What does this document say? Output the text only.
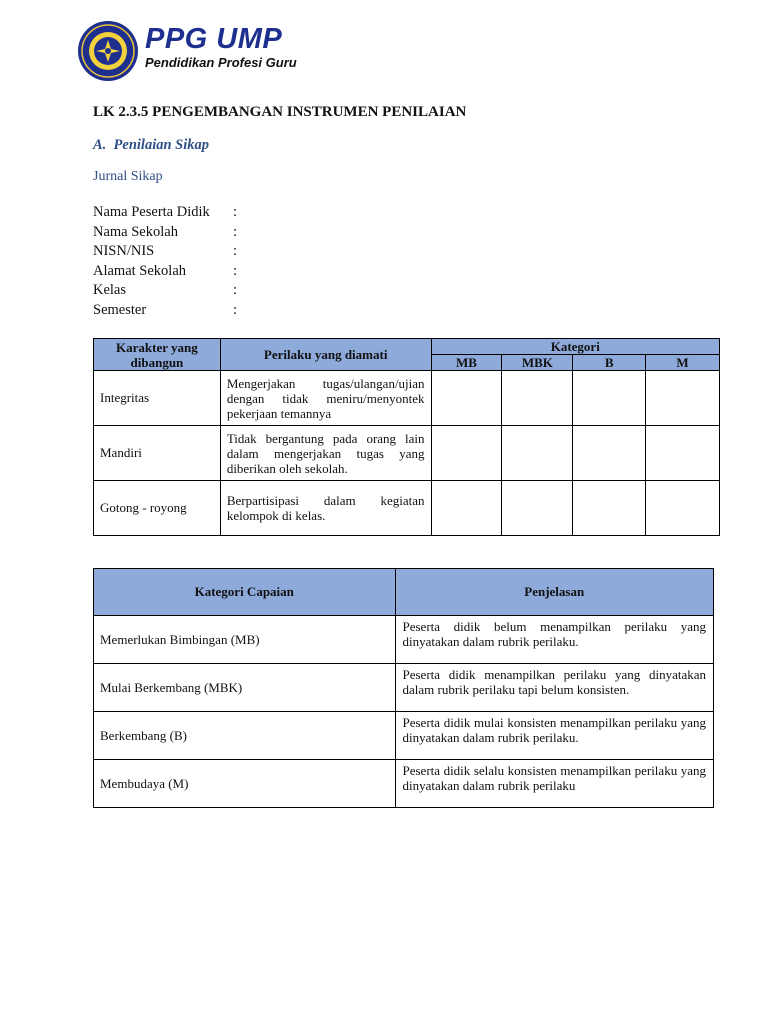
PPG UMP
Pendidikan Profesi Guru
LK 2.3.5 PENGEMBANGAN INSTRUMEN PENILAIAN
A. Penilaian Sikap
Jurnal Sikap
Nama Peserta Didik	:
Nama Sekolah	:
NISN/NIS	:
Alamat Sekolah	:
Kelas	:
Semester	:
Karakter yang dibangun	Perilaku yang diamati	Kategori			
		MB	MBK	B	M
Integritas	Mengerjakan tugas/ulangan/ujian dengan tidak meniru/menyontek pekerjaan temannya				
Mandiri	Tidak bergantung pada orang lain dalam mengerjakan tugas yang diberikan oleh sekolah.				
Gotong - royong	Berpartisipasi dalam kegiatan kelompok di kelas.				
Kategori Capaian	Penjelasan
Memerlukan Bimbingan (MB)	Peserta didik belum menampilkan perilaku yang dinyatakan dalam rubrik perilaku.
Mulai Berkembang (MBK)	Peserta didik menampilkan perilaku yang dinyatakan dalam rubrik perilaku tapi belum konsisten.
Berkembang (B)	Peserta didik mulai konsisten menampilkan perilaku yang dinyatakan dalam rubrik perilaku.
Membudaya (M)	Peserta didik selalu konsisten menampilkan perilaku yang dinyatakan dalam rubrik perilaku
